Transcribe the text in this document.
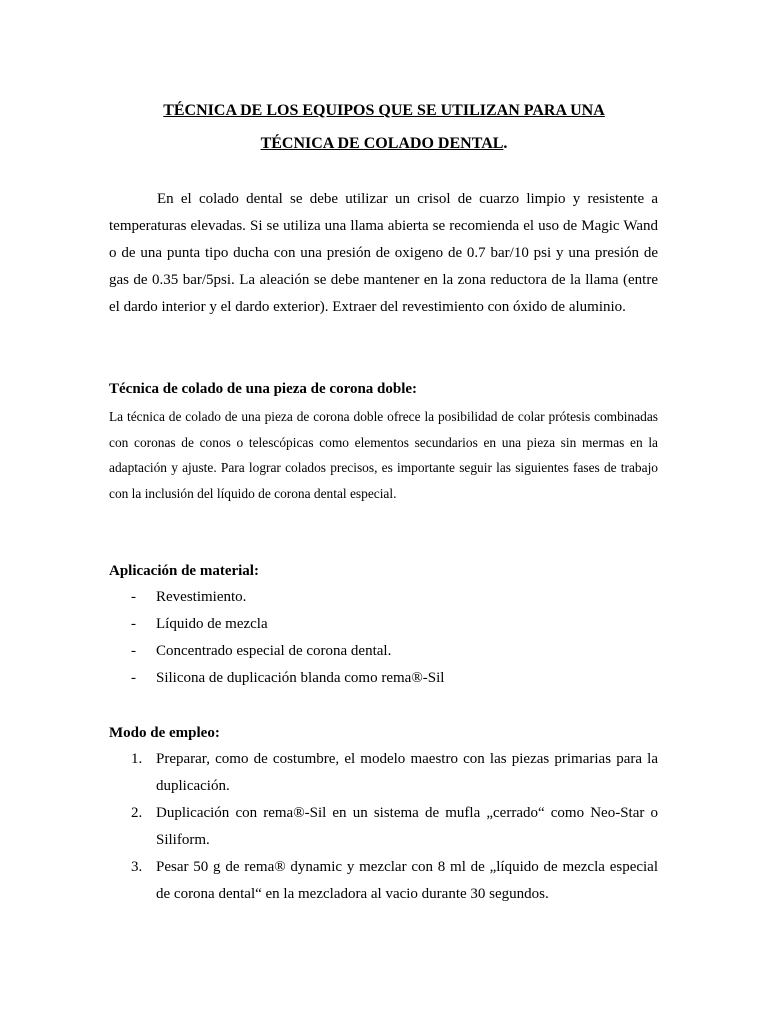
TÉCNICA DE LOS EQUIPOS QUE SE UTILIZAN PARA UNA
TÉCNICA DE COLADO DENTAL.

En el colado dental se debe utilizar un crisol de cuarzo limpio y resistente a temperaturas elevadas. Si se utiliza una llama abierta se recomienda el uso de Magic Wand o de una punta tipo ducha con una presión de oxigeno de 0.7 bar/10 psi y una presión de gas de 0.35 bar/5psi. La aleación se debe mantener en la zona reductora de la llama (entre el dardo interior y el dardo exterior). Extraer del revestimiento con óxido de aluminio.

Técnica de colado de una pieza de corona doble:

La técnica de colado de una pieza de corona doble ofrece la posibilidad de colar prótesis combinadas con coronas de conos o telescópicas como elementos secundarios en una pieza sin mermas en la adaptación y ajuste. Para lograr colados precisos, es importante seguir las siguientes fases de trabajo con la inclusión del líquido de corona dental especial.

Aplicación de material:
- Revestimiento.
- Líquido de mezcla
- Concentrado especial de corona dental.
- Silicona de duplicación blanda como rema®-Sil
Modo de empleo:
1. Preparar, como de costumbre, el modelo maestro con las piezas primarias para la duplicación.
2. Duplicación con rema®-Sil en un sistema de mufla „cerrado“ como Neo-Star o Siliform.
3. Pesar 50 g de rema® dynamic y mezclar con 8 ml de „líquido de mezcla especial de corona dental“ en la mezcladora al vacio durante 30 segundos.
